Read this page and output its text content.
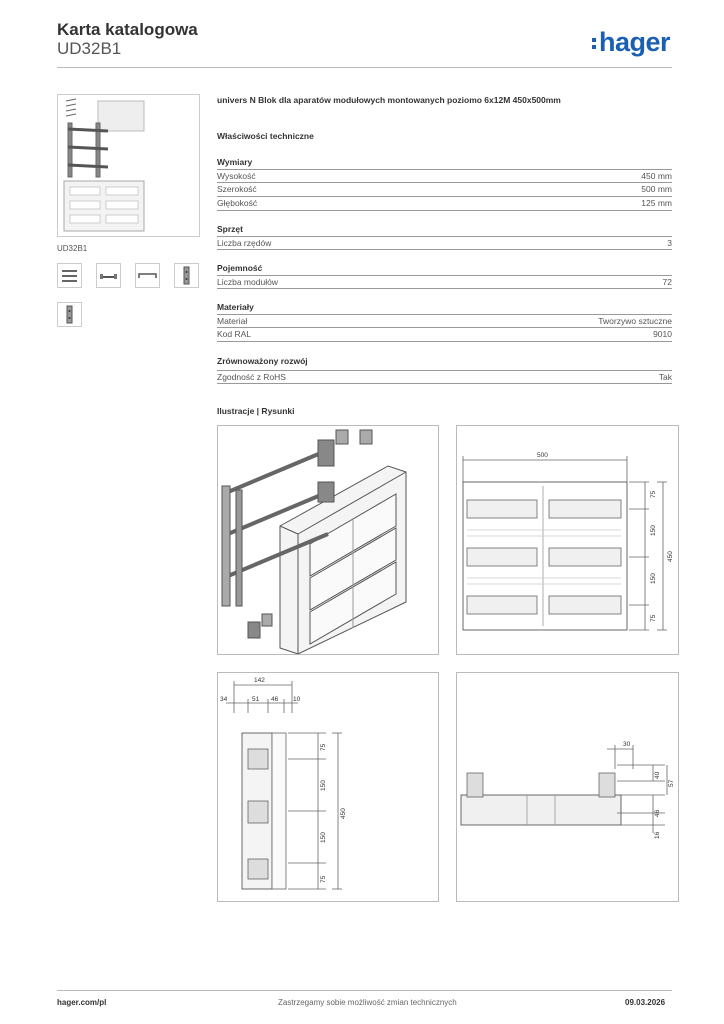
Karta katalogowa
UD32B1	hager
UD32B1
univers N Blok dla aparatów modułowych montowanych poziomo 6x12M 450x500mm
Właściwości techniczne
Wymiary
Wysokość	450 mm
Szerokość	500 mm
Głębokość	125 mm
Sprzęt
Liczba rzędów	3
Pojemność
Liczba modułów	72
Materiały
Materiał	Tworzywo sztuczne
Kod RAL	9010
Zrównoważony rozwój
Zgodność z RoHS	Tak
Ilustracje | Rysunki
500
75
150
150
75
450
142
34	51 46 10
75
150
150
75
450
30
40
57
46
16
hager.com/pl	Zastrzegamy sobie możliwość zmian technicznych	09.03.2026
